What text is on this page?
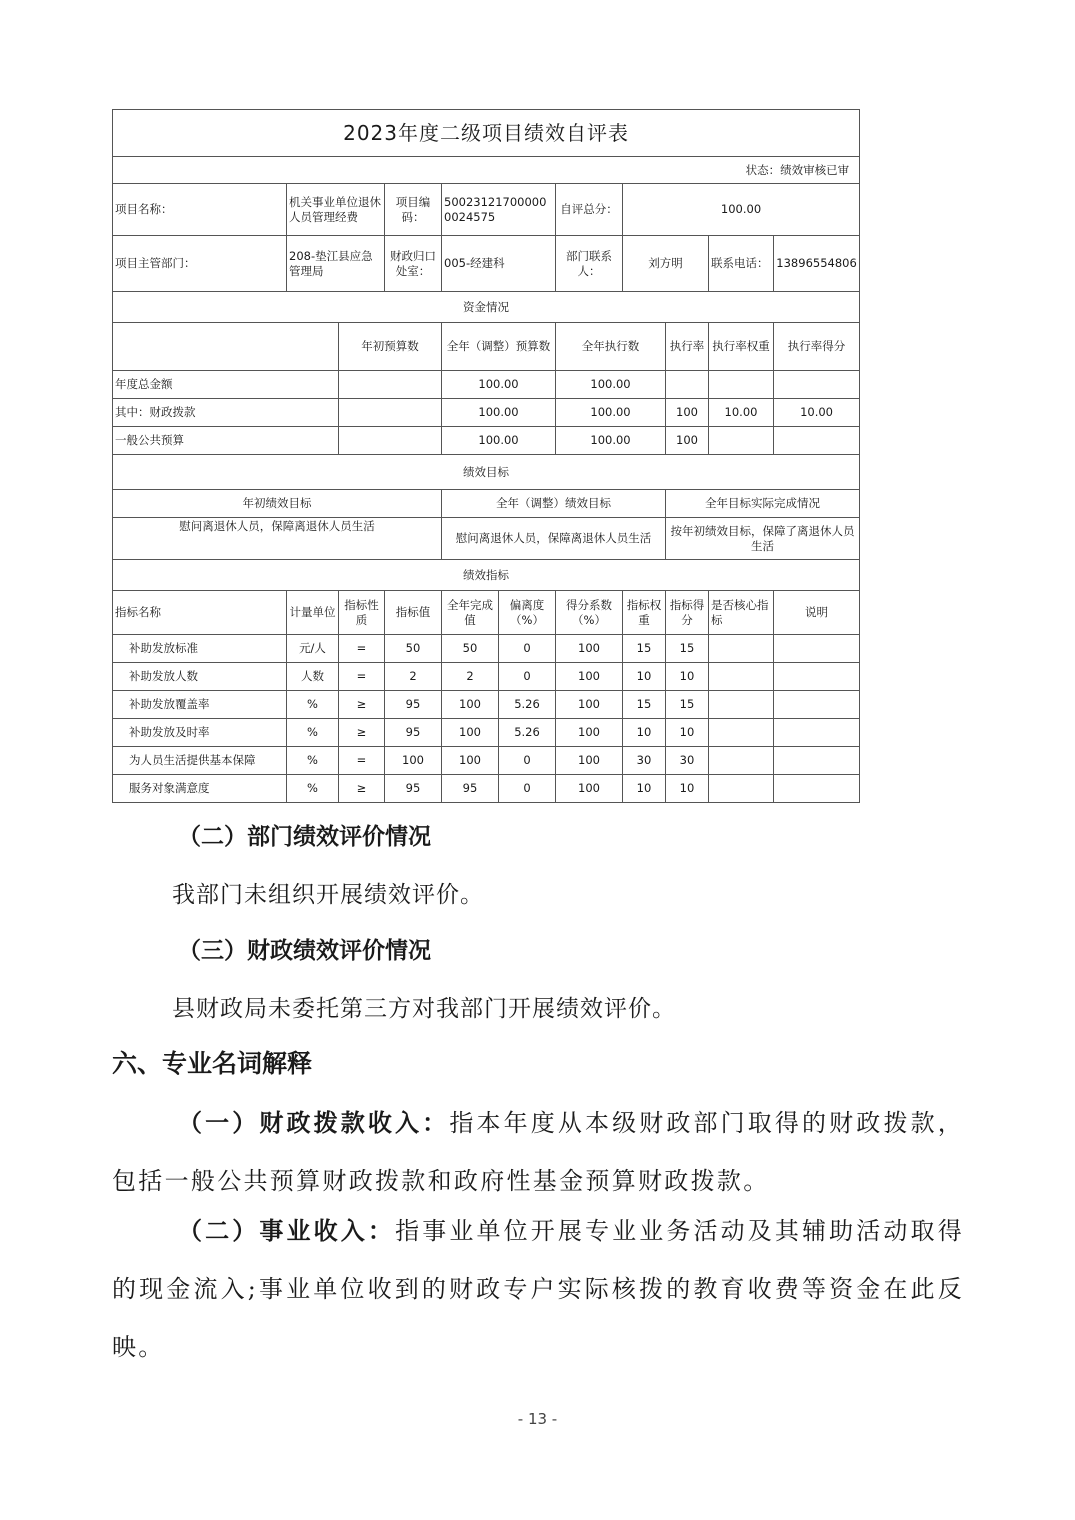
2023年度二级项目绩效自评表										
状态：绩效审核已审										
项目名称：	机关事业单位退休人员管理经费		项目编码：	500231217000000024575		自评总分：	100.00			
项目主管部门：	208-垫江县应急管理局		财政归口处室：	005-经建科		部门联系人：	刘方明		联系电话：	13896554806
资金情况										
		年初预算数		全年（调整）预算数		全年执行数		执行率	执行率权重	执行率得分
年度总金额				100.00		100.00				
其中：财政拨款				100.00		100.00		100	10.00	10.00
一般公共预算				100.00		100.00		100		
绩效目标										
年初绩效目标				全年（调整）绩效目标				全年目标实际完成情况		
慰问离退休人员，保障离退休人员生活				慰问离退休人员，保障离退休人员生活				按年初绩效目标，保障了离退休人员生活		
绩效指标										
指标名称	计量单位	指标性质	指标值	全年完成值	偏离度（%）	得分系数（%）	指标权重	指标得分	是否核心指标	说明
补助发放标准	元/人	=	50	50	0	100	15	15		
补助发放人数	人数	=	2	2	0	100	10	10		
补助发放覆盖率	%	≥	95	100	5.26	100	15	15		
补助发放及时率	%	≥	95	100	5.26	100	10	10		
为人员生活提供基本保障	%	=	100	100	0	100	30	30		
服务对象满意度	%	≥	95	95	0	100	10	10		

（二）部门绩效评价情况

我部门未组织开展绩效评价。

（三）财政绩效评价情况

县财政局未委托第三方对我部门开展绩效评价。

六、专业名词解释

（一）财政拨款收入：指本年度从本级财政部门取得的财政拨款，包括一般公共预算财政拨款和政府性基金预算财政拨款。

（二）事业收入：指事业单位开展专业业务活动及其辅助活动取得的现金流入;事业单位收到的财政专户实际核拨的教育收费等资金在此反映。

- 13 -
